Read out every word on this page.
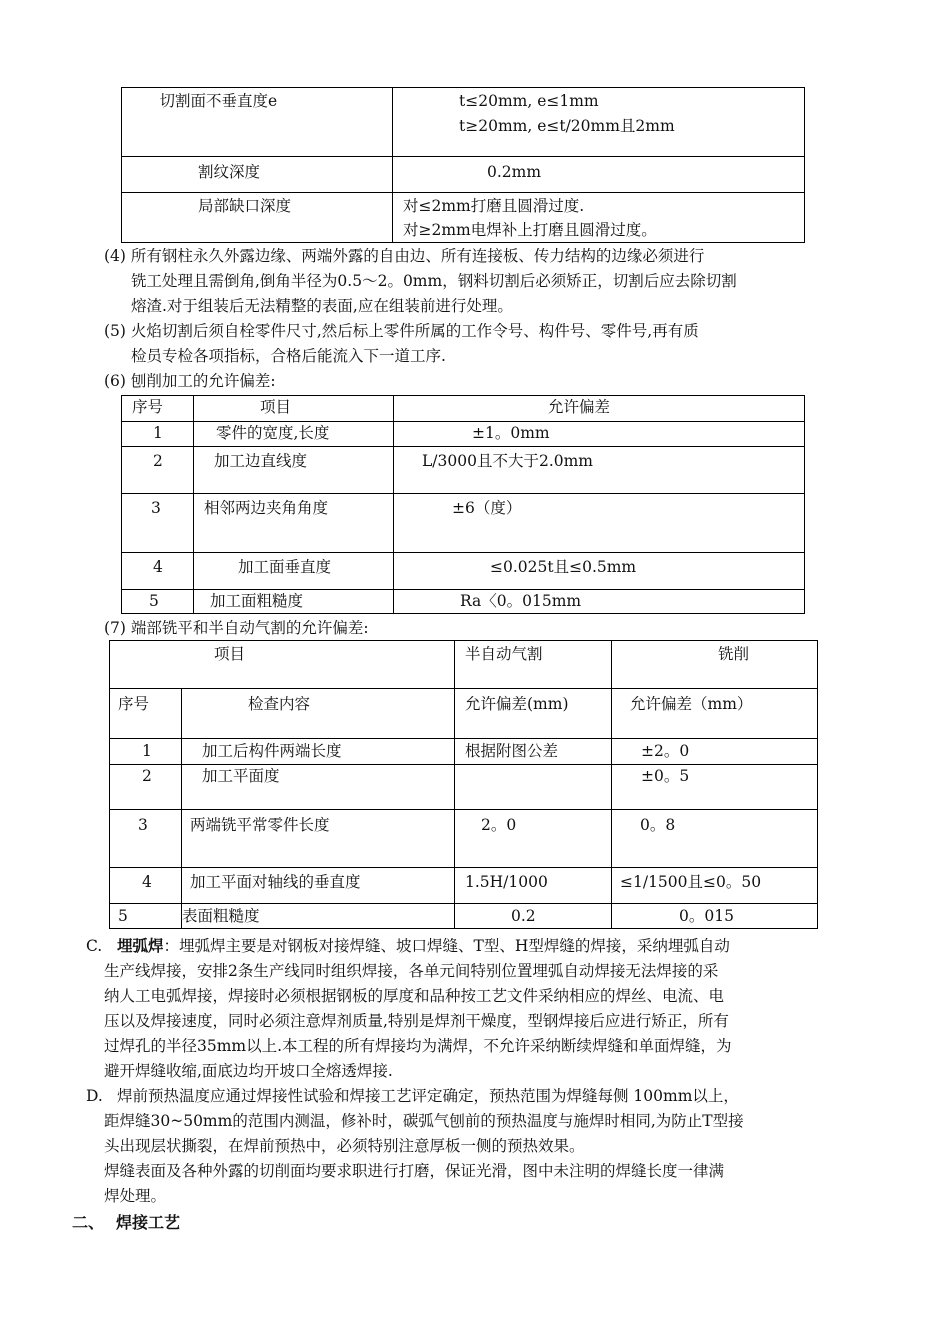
切割面不垂直度e	t≤20mm, e≤1mm
t≥20mm, e≤t/20mm且2mm

割纹深度	0.2mm

局部缺口深度	对≤2mm打磨且圆滑过度.
对≥2mm电焊补上打磨且圆滑过度。
(4) 所有钢柱永久外露边缘、两端外露的自由边、所有连接板、传力结构的边缘必须进行
铣工处理且需倒角,倒角半径为0.5～2。0mm，钢料切割后必须矫正，切割后应去除切割
熔渣.对于组装后无法精整的表面,应在组装前进行处理。
(5) 火焰切割后须自栓零件尺寸,然后标上零件所属的工作令号、构件号、零件号,再有质
检员专检各项指标，合格后能流入下一道工序.
(6) 刨削加工的允许偏差:
序号	项目	允许偏差

1	零件的宽度,长度	±1。0mm

2	加工边直线度	L/3000且不大于2.0mm

3	相邻两边夹角角度	±6（度）

4	加工面垂直度	≤0.025t且≤0.5mm

5	加工面粗糙度	Ra〈0。015mm
(7) 端部铣平和半自动气割的允许偏差:
项目		半自动气割	铣削

序号	检查内容	允许偏差(mm)	允许偏差（mm）

1	加工后构件两端长度	根据附图公差	±2。0

2	加工平面度		±0。5

3	两端铣平常零件长度	2。0	0。8

4	加工平面对轴线的垂直度	1.5H/1000	≤1/1500且≤0。50

5	表面粗糙度	0.2	0。015
C. 埋弧焊：埋弧焊主要是对钢板对接焊缝、坡口焊缝、T型、H型焊缝的焊接，采纳埋弧自动
生产线焊接，安排2条生产线同时组织焊接，各单元间特别位置埋弧自动焊接无法焊接的采
纳人工电弧焊接，焊接时必须根据钢板的厚度和品种按工艺文件采纳相应的焊丝、电流、电
压以及焊接速度，同时必须注意焊剂质量,特别是焊剂干燥度，型钢焊接后应进行矫正，所有
过焊孔的半径35mm以上.本工程的所有焊接均为满焊，不允许采纳断续焊缝和单面焊缝，为
避开焊缝收缩,面底边均开坡口全熔透焊接.
D. 焊前预热温度应通过焊接性试验和焊接工艺评定确定，预热范围为焊缝每侧 100mm以上，
距焊缝30~50mm的范围内测温，修补时，碳弧气刨前的预热温度与施焊时相同,为防止T型接
头出现层状撕裂，在焊前预热中，必须特别注意厚板一侧的预热效果。
焊缝表面及各种外露的切削面均要求职进行打磨，保证光滑，图中未注明的焊缝长度一律满
焊处理。
二、 焊接工艺
